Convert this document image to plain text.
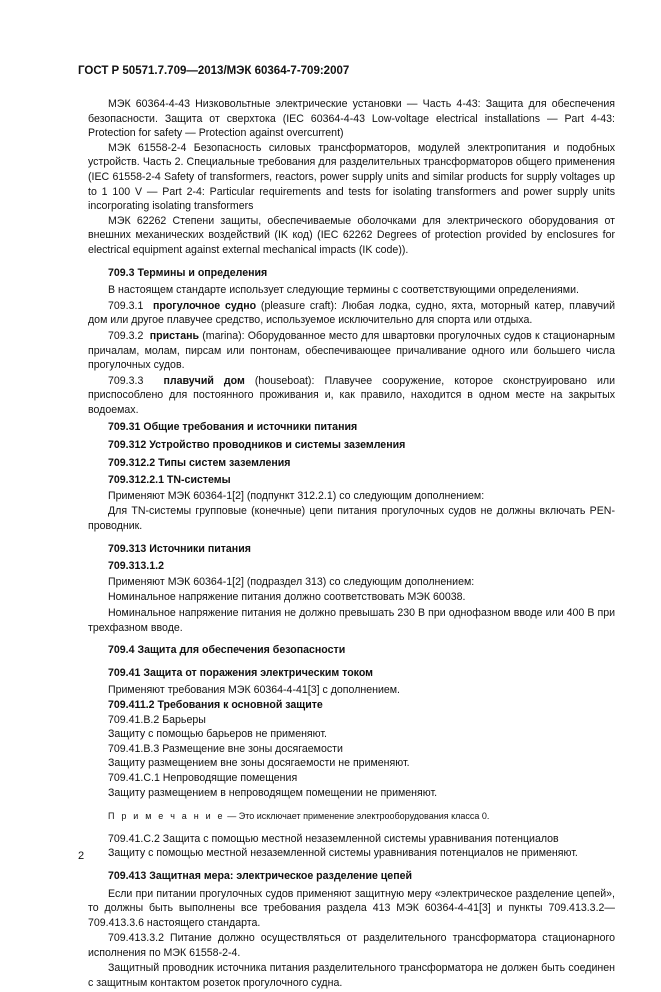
ГОСТ Р 50571.7.709—2013/МЭК 60364-7-709:2007

МЭК 60364-4-43 Низковольтные электрические установки — Часть 4-43: Защита для обеспечения безопасности. Защита от сверхтока (IEC 60364-4-43 Low-voltage electrical installations — Part 4-43: Protection for safety — Protection against overcurrent)

МЭК 61558-2-4 Безопасность силовых трансформаторов, модулей электропитания и подобных устройств. Часть 2. Специальные требования для разделительных трансформаторов общего применения (IEC 61558-2-4 Safety of transformers, reactors, power supply units and similar products for supply voltages up to 1 100 V — Part 2-4: Particular requirements and tests for isolating transformers and power supply units incorporating isolating transformers

МЭК 62262 Степени защиты, обеспечиваемые оболочками для электрического оборудования от внешних механических воздействий (IK код) (IEC 62262 Degrees of protection provided by enclosures for electrical equipment against external mechanical impacts (IK code)).

709.3 Термины и определения

В настоящем стандарте использует следующие термины с соответствующими определениями.

709.3.1 прогулочное судно (pleasure craft): Любая лодка, судно, яхта, моторный катер, плавучий дом или другое плавучее средство, используемое исключительно для спорта или отдыха.

709.3.2 пристань (marina): Оборудованное место для швартовки прогулочных судов к стационарным причалам, молам, пирсам или понтонам, обеспечивающее причаливание одного или большего числа прогулочных судов.

709.3.3 плавучий дом (houseboat): Плавучее сооружение, которое сконструировано или приспособлено для постоянного проживания и, как правило, находится в одном месте на закрытых водоемах.

709.31 Общие требования и источники питания
709.312 Устройство проводников и системы заземления
709.312.2 Типы систем заземления
709.312.2.1 TN-системы

Применяют МЭК 60364-1[2] (подпункт 312.2.1) со следующим дополнением:

Для TN-системы групповые (конечные) цепи питания прогулочных судов не должны включать PEN-проводник.

709.313 Источники питания
709.313.1.2

Применяют МЭК 60364-1[2] (подраздел 313) со следующим дополнением:

Номинальное напряжение питания должно соответствовать МЭК 60038.

Номинальное напряжение питания не должно превышать 230 В при однофазном вводе или 400 В при трехфазном вводе.

709.4 Защита для обеспечения безопасности
709.41 Защита от поражения электрическим током

Применяют требования МЭК 60364-4-41[3] с дополнением.

709.411.2 Требования к основной защите

709.41.В.2 Барьеры

Защиту с помощью барьеров не применяют.

709.41.В.3 Размещение вне зоны досягаемости

Защиту размещением вне зоны досягаемости не применяют.

709.41.С.1 Непроводящие помещения

Защиту размещением в непроводящем помещении не применяют.

П р и м е ч а н и е — Это исключает применение электрооборудования класса 0.

709.41.С.2 Защита с помощью местной незаземленной системы уравнивания потенциалов

Защиту с помощью местной незаземленной системы уравнивания потенциалов не применяют.

709.413 Защитная мера: электрическое разделение цепей

Если при питании прогулочных судов применяют защитную меру «электрическое разделение цепей», то должны быть выполнены все требования раздела 413 МЭК 60364-4-41[3] и пункты 709.413.3.2—709.413.3.6 настоящего стандарта.

709.413.3.2 Питание должно осуществляться от разделительного трансформатора стационарного исполнения по МЭК 61558-2-4.

Защитный проводник источника питания разделительного трансформатора не должен быть соединен с защитным контактом розеток прогулочного судна.

2
